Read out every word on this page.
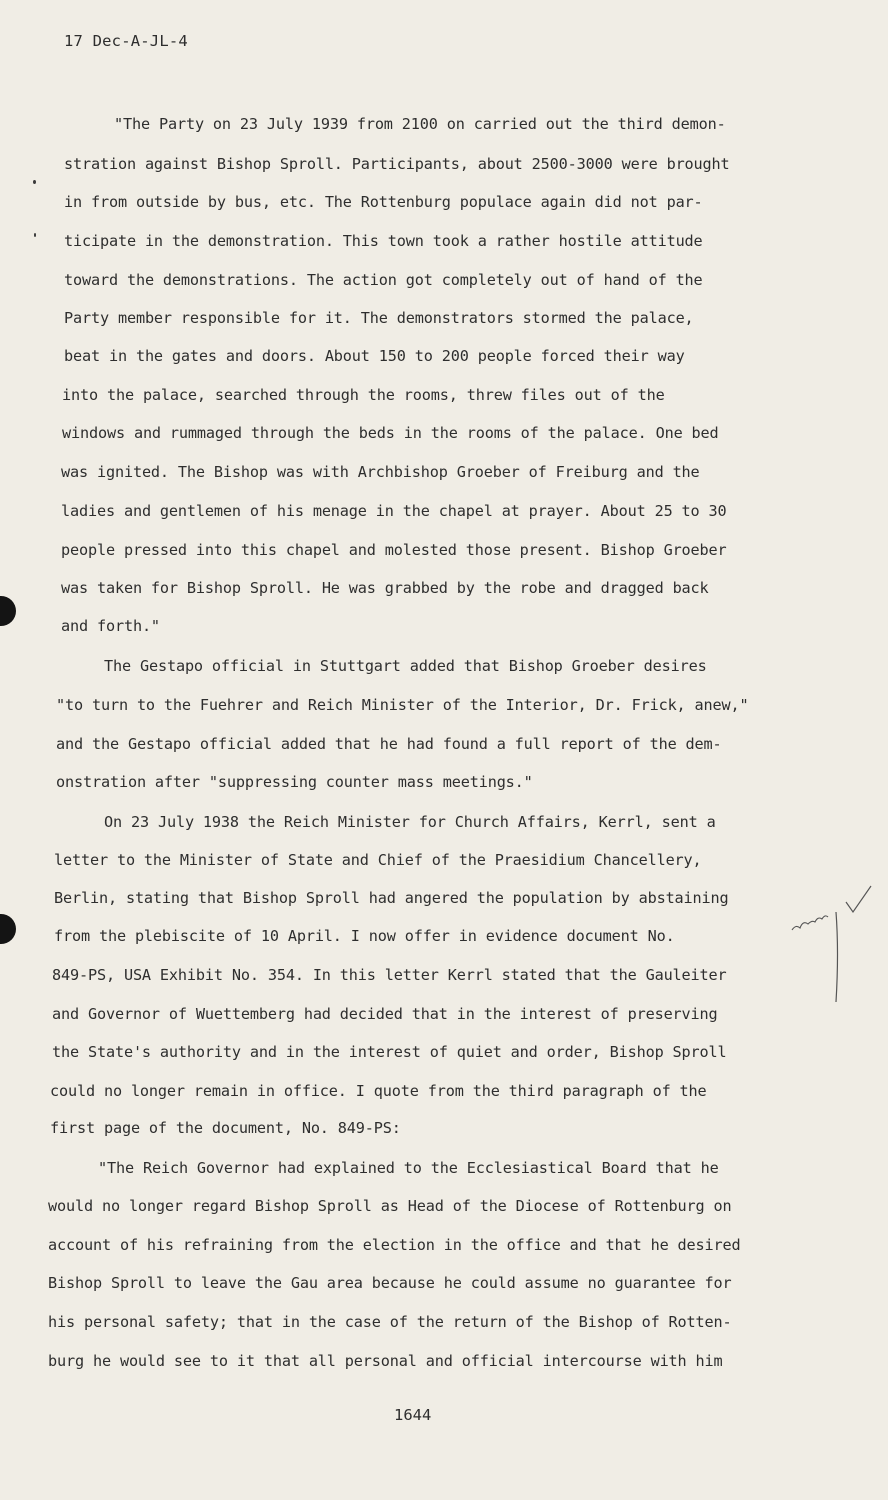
17 Dec-A-JL-4
"The Party on 23 July 1939 from 2100 on carried out the third demon-
stration against Bishop Sproll. Participants, about 2500-3000 were brought
in from outside by bus, etc. The Rottenburg populace again did not par-
ticipate in the demonstration. This town took a rather hostile attitude
toward the demonstrations. The action got completely out of hand of the
Party member responsible for it. The demonstrators stormed the palace,
beat in the gates and doors. About 150 to 200 people forced their way
into the palace, searched through the rooms, threw files out of the
windows and rummaged through the beds in the rooms of the palace. One bed
was ignited. The Bishop was with Archbishop Groeber of Freiburg and the
ladies and gentlemen of his menage in the chapel at prayer. About 25 to 30
people pressed into this chapel and molested those present. Bishop Groeber
was taken for Bishop Sproll. He was grabbed by the robe and dragged back
and forth."
The Gestapo official in Stuttgart added that Bishop Groeber desires
"to turn to the Fuehrer and Reich Minister of the Interior, Dr. Frick, anew,"
and the Gestapo official added that he had found a full report of the dem-
onstration after "suppressing counter mass meetings."
On 23 July 1938 the Reich Minister for Church Affairs, Kerrl, sent a
letter to the Minister of State and Chief of the Praesidium Chancellery,
Berlin, stating that Bishop Sproll had angered the population by abstaining
from the plebiscite of 10 April. I now offer in evidence document No.
849-PS, USA Exhibit No. 354. In this letter Kerrl stated that the Gauleiter
and Governor of Wuettemberg had decided that in the interest of preserving
the State's authority and in the interest of quiet and order, Bishop Sproll
could no longer remain in office. I quote from the third paragraph of the
first page of the document, No. 849-PS:
"The Reich Governor had explained to the Ecclesiastical Board that he
would no longer regard Bishop Sproll as Head of the Diocese of Rottenburg on
account of his refraining from the election in the office and that he desired
Bishop Sproll to leave the Gau area because he could assume no guarantee for
his personal safety; that in the case of the return of the Bishop of Rotten-
burg he would see to it that all personal and official intercourse with him
1644
